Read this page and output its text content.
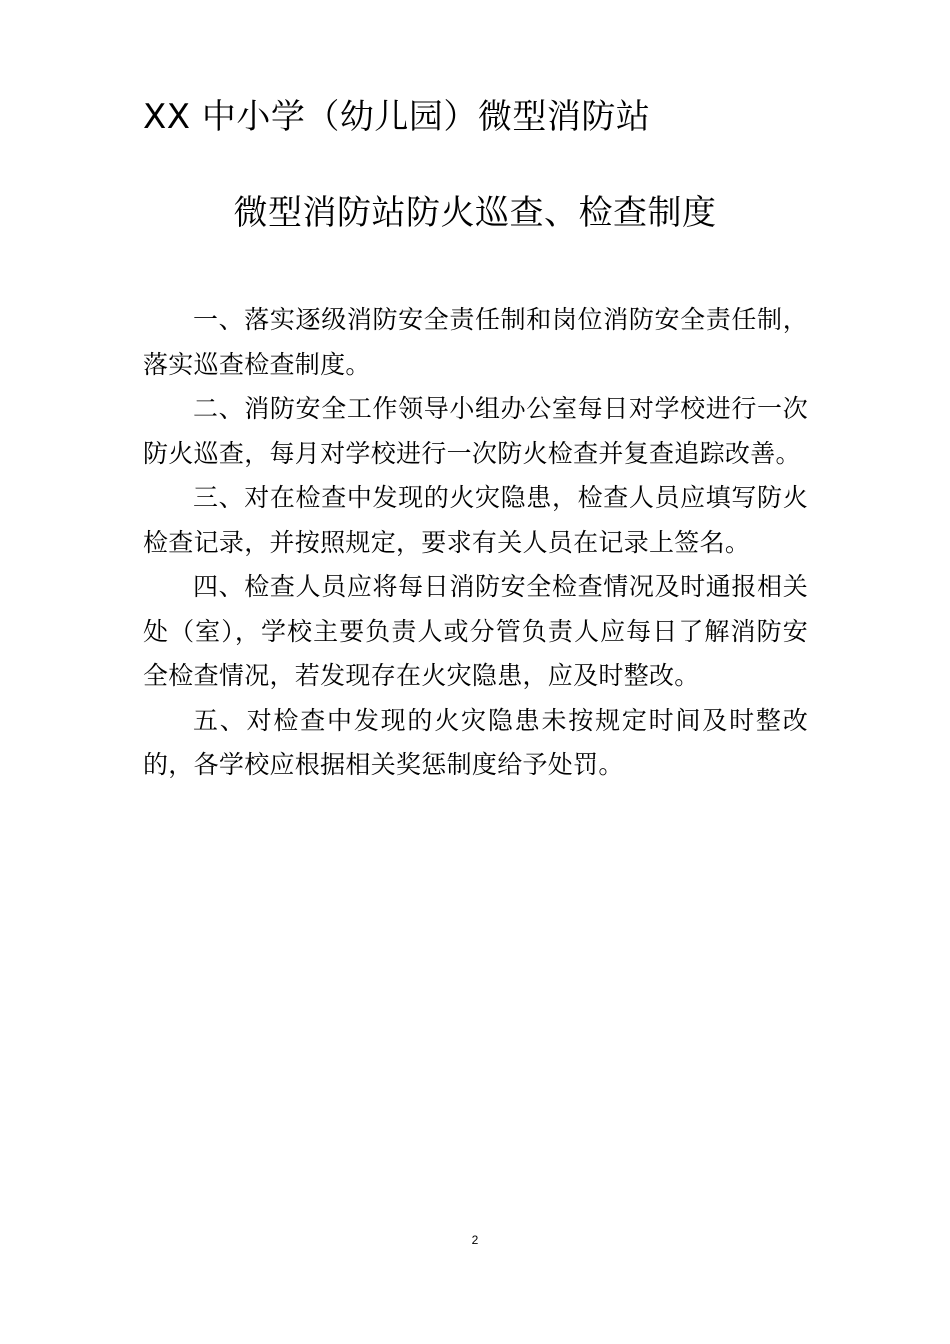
XX 中小学（幼儿园）微型消防站
微型消防站防火巡查、检查制度

一、落实逐级消防安全责任制和岗位消防安全责任制，落实巡查检查制度。

二、消防安全工作领导小组办公室每日对学校进行一次防火巡查，每月对学校进行一次防火检查并复查追踪改善。

三、对在检查中发现的火灾隐患，检查人员应填写防火检查记录，并按照规定，要求有关人员在记录上签名。

四、检查人员应将每日消防安全检查情况及时通报相关处（室），学校主要负责人或分管负责人应每日了解消防安全检查情况，若发现存在火灾隐患，应及时整改。

五、对检查中发现的火灾隐患未按规定时间及时整改的，各学校应根据相关奖惩制度给予处罚。

2
